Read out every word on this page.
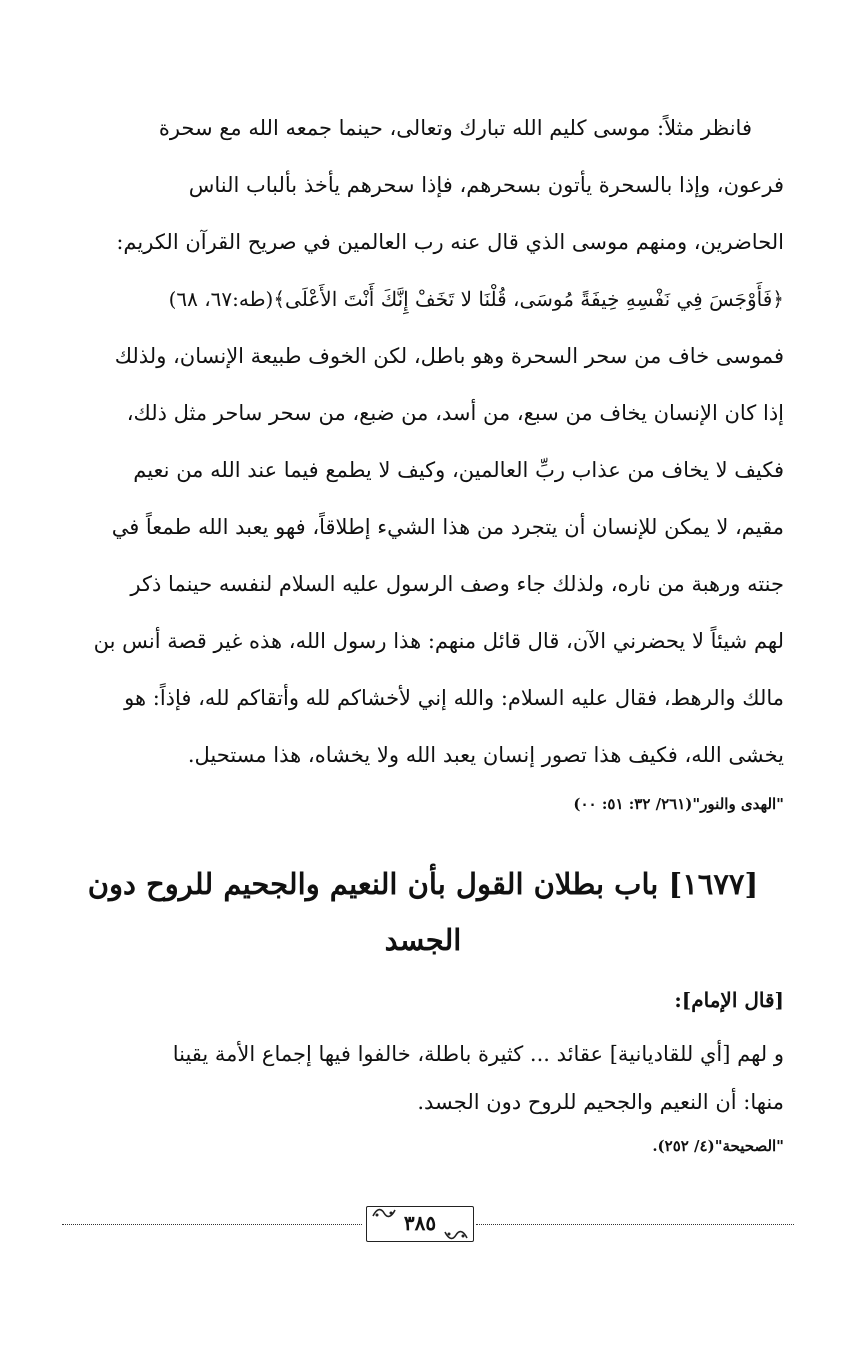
فانظر مثلاً: موسى كليم الله تبارك وتعالى، حينما جمعه الله مع سحرة
فرعون، وإذا بالسحرة يأتون بسحرهم، فإذا سحرهم يأخذ بألباب الناس
الحاضرين، ومنهم موسى الذي قال عنه رب العالمين في صريح القرآن الكريم:
﴿فَأَوْجَسَ فِي نَفْسِهِ خِيفَةً مُوسَى، قُلْنَا لا تَخَفْ إِنَّكَ أَنْتَ الأَعْلَى﴾(طه:٦٧، ٦٨)
فموسى خاف من سحر السحرة وهو باطل، لكن الخوف طبيعة الإنسان، ولذلك
إذا كان الإنسان يخاف من سبع، من أسد، من ضبع، من سحر ساحر مثل ذلك،
فكيف لا يخاف من عذاب ربِّ العالمين، وكيف لا يطمع فيما عند الله من نعيم
مقيم، لا يمكن للإنسان أن يتجرد من هذا الشيء إطلاقاً، فهو يعبد الله طمعاً في
جنته ورهبة من ناره، ولذلك جاء وصف الرسول عليه السلام لنفسه حينما ذكر
لهم شيئاً لا يحضرني الآن، قال قائل منهم: هذا رسول الله، هذه غير قصة أنس بن
مالك والرهط، فقال عليه السلام: والله إني لأخشاكم لله وأتقاكم لله، فإذاً: هو
يخشى الله، فكيف هذا تصور إنسان يعبد الله ولا يخشاه، هذا مستحيل.
"الهدى والنور"(٢٦١/ ٣٢: ٥١: ٠٠)
[١٦٧٧] باب بطلان القول بأن النعيم والجحيم للروح دون
الجسد
[قال الإمام]:
و لهم [أي للقاديانية] عقائد ... كثيرة باطلة، خالفوا فيها إجماع الأمة يقينا
منها: أن النعيم والجحيم للروح دون الجسد.
"الصحيحة"(٤/ ٢٥٢).
٣٨٥
